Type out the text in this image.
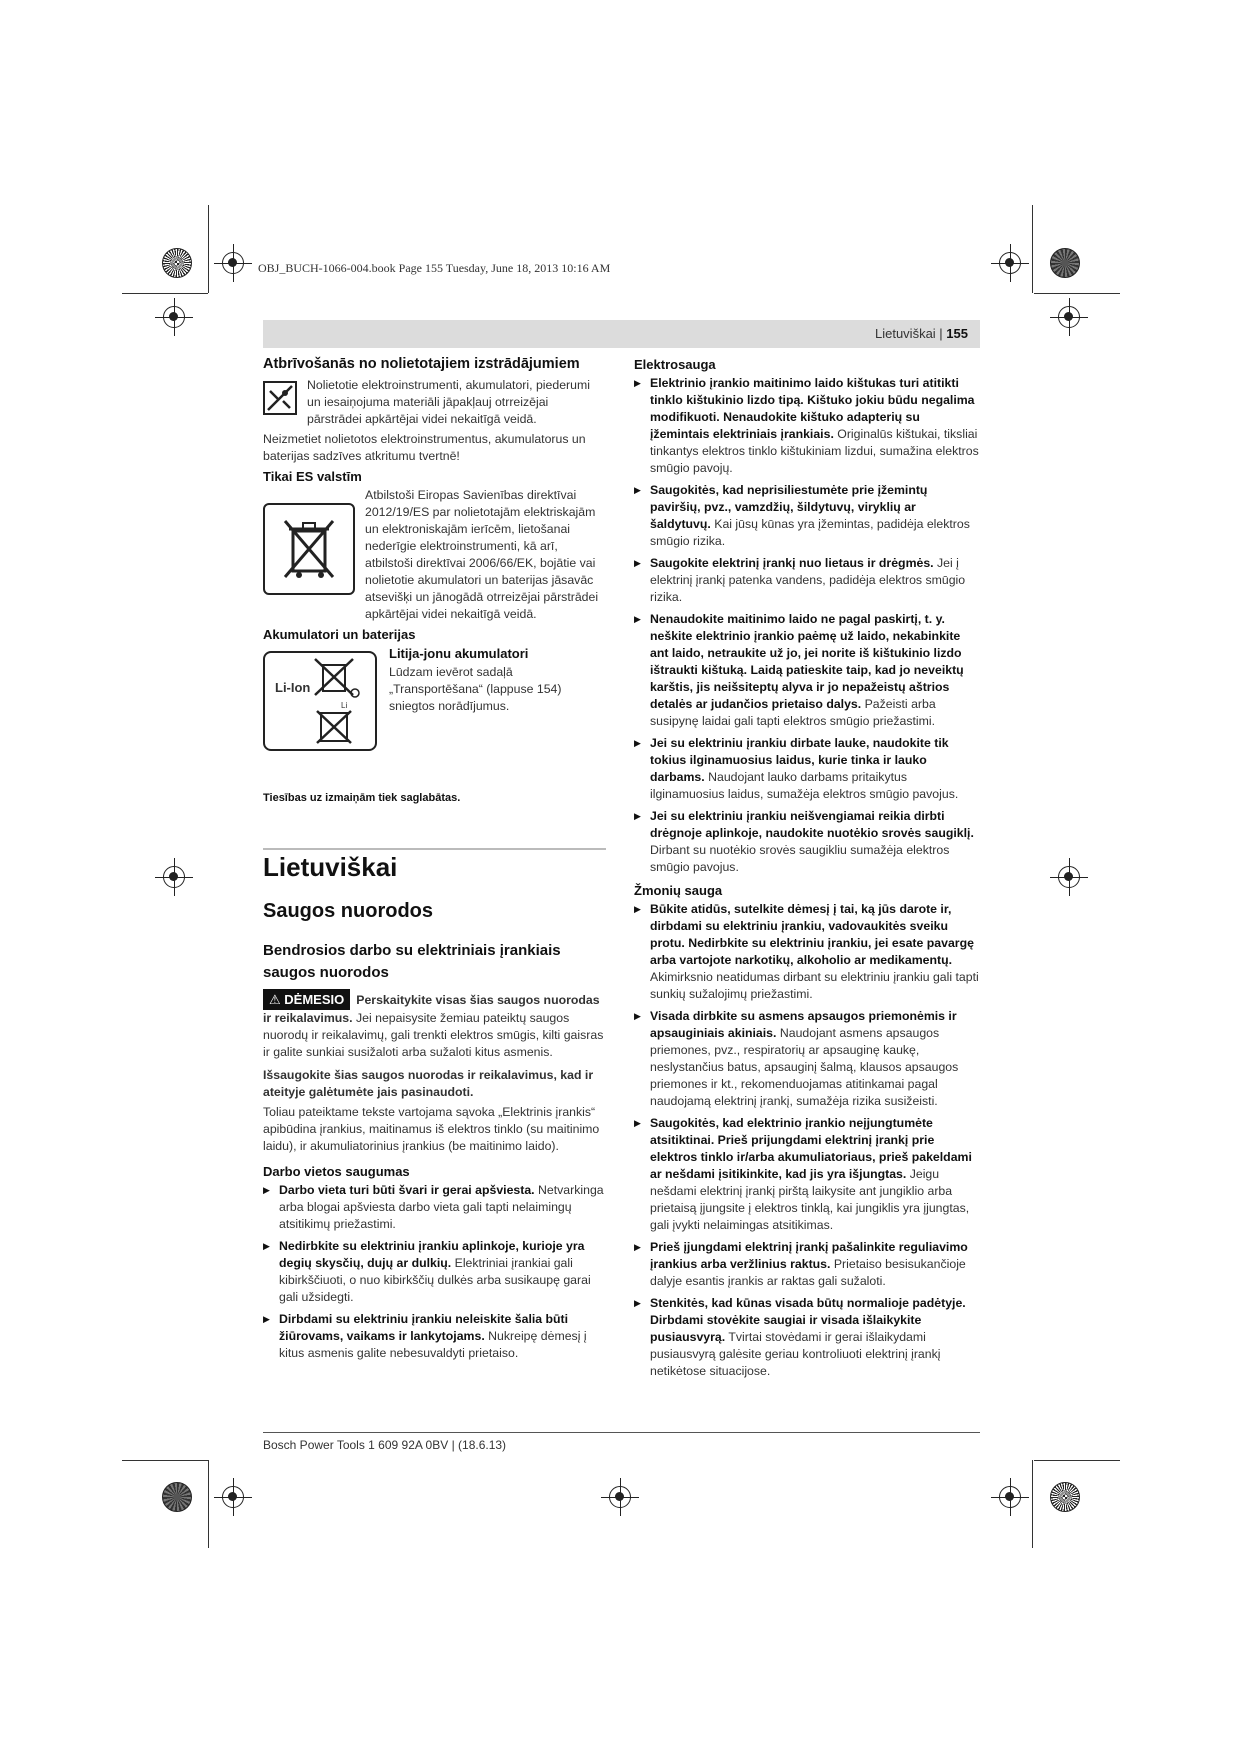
OBJ_BUCH-1066-004.book Page 155 Tuesday, June 18, 2013 10:16 AM
Lietuviškai | 155
Atbrīvošanās no nolietotajiem izstrādājumiem

Nolietotie elektroinstrumenti, akumulatori, piederumi un iesaiņojuma materiāli jāpakļauj otrreizējai pārstrādei apkārtējai videi nekaitīgā veidā.

Neizmetiet nolietotos elektroinstrumentus, akumulatorus un baterijas sadzīves atkritumu tvertnē!

Tikai ES valstīm

Atbilstoši Eiropas Savienības direktīvai 2012/19/ES par nolietotajām elektriskajām un elektroniskajām ierīcēm, lietošanai nederīgie elektroinstrumenti, kā arī, atbilstoši direktīvai 2006/66/EK, bojātie vai nolietotie akumulatori un baterijas jāsavāc atsevišķi un jānogādā otrreizējai pārstrādei apkārtējai videi nekaitīgā veidā.

Akumulatori un baterijas
Li-Ion
Li
Litija-jonu akumulatori

Lūdzam ievērot sadaļā „Transportēšana“ (lappuse 154) sniegtos norādījumus.

Tiesības uz izmaiņām tiek saglabātas.
Lietuviškai
Saugos nuorodos
Bendrosios darbo su elektriniais įrankiais saugos nuorodos

⚠ DĖMESIO Perskaitykite visas šias saugos nuorodas ir reikalavimus. Jei nepaisysite žemiau pateiktų saugos nuorodų ir reikalavimų, gali trenkti elektros smūgis, kilti gaisras ir galite sunkiai susižaloti arba sužaloti kitus asmenis.

Išsaugokite šias saugos nuorodas ir reikalavimus, kad ir ateityje galėtumėte jais pasinaudoti.

Toliau pateiktame tekste vartojama sąvoka „Elektrinis įrankis“ apibūdina įrankius, maitinamus iš elektros tinklo (su maitinimo laidu), ir akumuliatorinius įrankius (be maitinimo laido).

Darbo vietos saugumas
▶ Darbo vieta turi būti švari ir gerai apšviesta. Netvarkinga arba blogai apšviesta darbo vieta gali tapti nelaimingų atsitikimų priežastimi.
▶ Nedirbkite su elektriniu įrankiu aplinkoje, kurioje yra degių skysčių, dujų ar dulkių. Elektriniai įrankiai gali kibirkščiuoti, o nuo kibirkščių dulkės arba susikaupę garai gali užsidegti.
▶ Dirbdami su elektriniu įrankiu neleiskite šalia būti žiūrovams, vaikams ir lankytojams. Nukreipę dėmesį į kitus asmenis galite nebesuvaldyti prietaiso.
Elektrosauga
▶ Elektrinio įrankio maitinimo laido kištukas turi atitikti tinklo kištukinio lizdo tipą. Kištuko jokiu būdu negalima modifikuoti. Nenaudokite kištuko adapterių su įžemintais elektriniais įrankiais. Originalūs kištukai, tiksliai tinkantys elektros tinklo kištukiniam lizdui, sumažina elektros smūgio pavojų.
▶ Saugokitės, kad neprisiliestumėte prie įžemintų paviršių, pvz., vamzdžių, šildytuvų, viryklių ar šaldytuvų. Kai jūsų kūnas yra įžemintas, padidėja elektros smūgio rizika.
▶ Saugokite elektrinį įrankį nuo lietaus ir drėgmės. Jei į elektrinį įrankį patenka vandens, padidėja elektros smūgio rizika.
▶ Nenaudokite maitinimo laido ne pagal paskirtį, t. y. neškite elektrinio įrankio paėmę už laido, nekabinkite ant laido, netraukite už jo, jei norite iš kištukinio lizdo ištraukti kištuką. Laidą patieskite taip, kad jo neveiktų karštis, jis neišsiteptų alyva ir jo nepažeistų aštrios detalės ar judančios prietaiso dalys. Pažeisti arba susipynę laidai gali tapti elektros smūgio priežastimi.
▶ Jei su elektriniu įrankiu dirbate lauke, naudokite tik tokius ilginamuosius laidus, kurie tinka ir lauko darbams. Naudojant lauko darbams pritaikytus ilginamuosius laidus, sumažėja elektros smūgio pavojus.
▶ Jei su elektriniu įrankiu neišvengiamai reikia dirbti drėgnoje aplinkoje, naudokite nuotėkio srovės saugiklį. Dirbant su nuotėkio srovės saugikliu sumažėja elektros smūgio pavojus.
Žmonių sauga
▶ Būkite atidūs, sutelkite dėmesį į tai, ką jūs darote ir, dirbdami su elektriniu įrankiu, vadovaukitės sveiku protu. Nedirbkite su elektriniu įrankiu, jei esate pavargę arba vartojote narkotikų, alkoholio ar medikamentų. Akimirksnio neatidumas dirbant su elektriniu įrankiu gali tapti sunkių sužalojimų priežastimi.
▶ Visada dirbkite su asmens apsaugos priemonėmis ir apsauginiais akiniais. Naudojant asmens apsaugos priemones, pvz., respiratorių ar apsauginę kaukę, neslystančius batus, apsauginį šalmą, klausos apsaugos priemones ir kt., rekomenduojamas atitinkamai pagal naudojamą elektrinį įrankį, sumažėja rizika susižeisti.
▶ Saugokitės, kad elektrinio įrankio neįjungtumėte atsitiktinai. Prieš prijungdami elektrinį įrankį prie elektros tinklo ir/arba akumuliatoriaus, prieš pakeldami ar nešdami įsitikinkite, kad jis yra išjungtas. Jeigu nešdami elektrinį įrankį pirštą laikysite ant jungiklio arba prietaisą įjungsite į elektros tinklą, kai jungiklis yra įjungtas, gali įvykti nelaimingas atsitikimas.
▶ Prieš įjungdami elektrinį įrankį pašalinkite reguliavimo įrankius arba veržlinius raktus. Prietaiso besisukančioje dalyje esantis įrankis ar raktas gali sužaloti.
▶ Stenkitės, kad kūnas visada būtų normalioje padėtyje. Dirbdami stovėkite saugiai ir visada išlaikykite pusiausvyrą. Tvirtai stovėdami ir gerai išlaikydami pusiausvyrą galėsite geriau kontroliuoti elektrinį įrankį netikėtose situacijose.
Bosch Power Tools 1 609 92A 0BV | (18.6.13)
